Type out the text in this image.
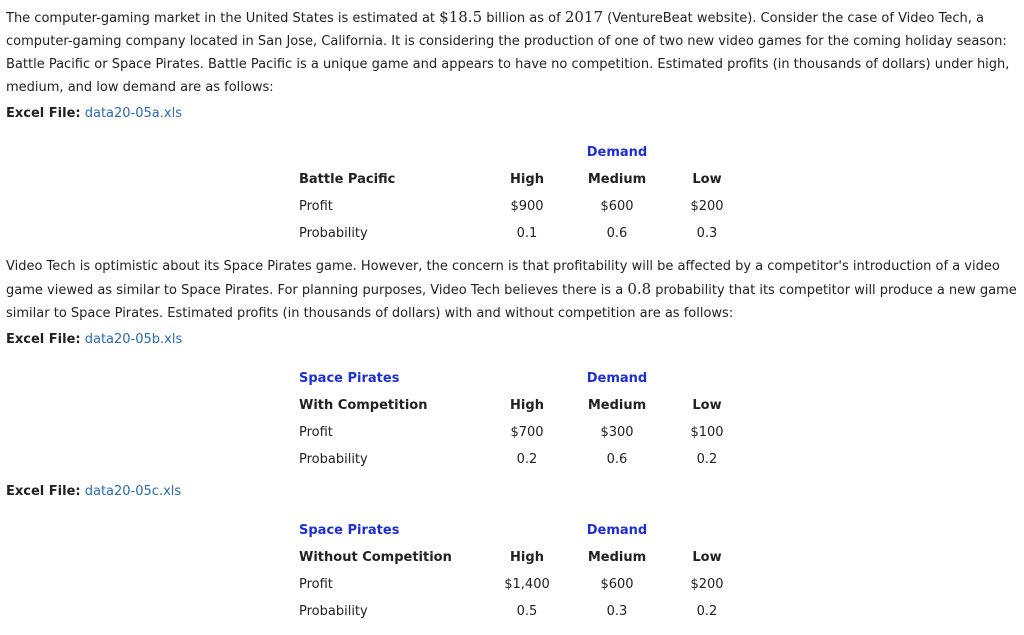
The computer-gaming market in the United States is estimated at $18.5 billion as of 2017 (VentureBeat website). Consider the case of Video Tech, a computer-gaming company located in San Jose, California. It is considering the production of one of two new video games for the coming holiday season: Battle Pacific or Space Pirates. Battle Pacific is a unique game and appears to have no competition. Estimated profits (in thousands of dollars) under high, medium, and low demand are as follows:

Excel File: data20-05a.xls
		Demand	
Battle Pacific	High	Medium	Low
Profit	$900	$600	$200
Probability	0.1	0.6	0.3

Video Tech is optimistic about its Space Pirates game. However, the concern is that profitability will be affected by a competitor's introduction of a video game viewed as similar to Space Pirates. For planning purposes, Video Tech believes there is a 0.8 probability that its competitor will produce a new game similar to Space Pirates. Estimated profits (in thousands of dollars) with and without competition are as follows:

Excel File: data20-05b.xls
Space Pirates		Demand	
With Competition	High	Medium	Low
Profit	$700	$300	$100
Probability	0.2	0.6	0.2
Excel File: data20-05c.xls
Space Pirates		Demand	
Without Competition	High	Medium	Low
Profit	$1,400	$600	$200
Probability	0.5	0.3	0.2
